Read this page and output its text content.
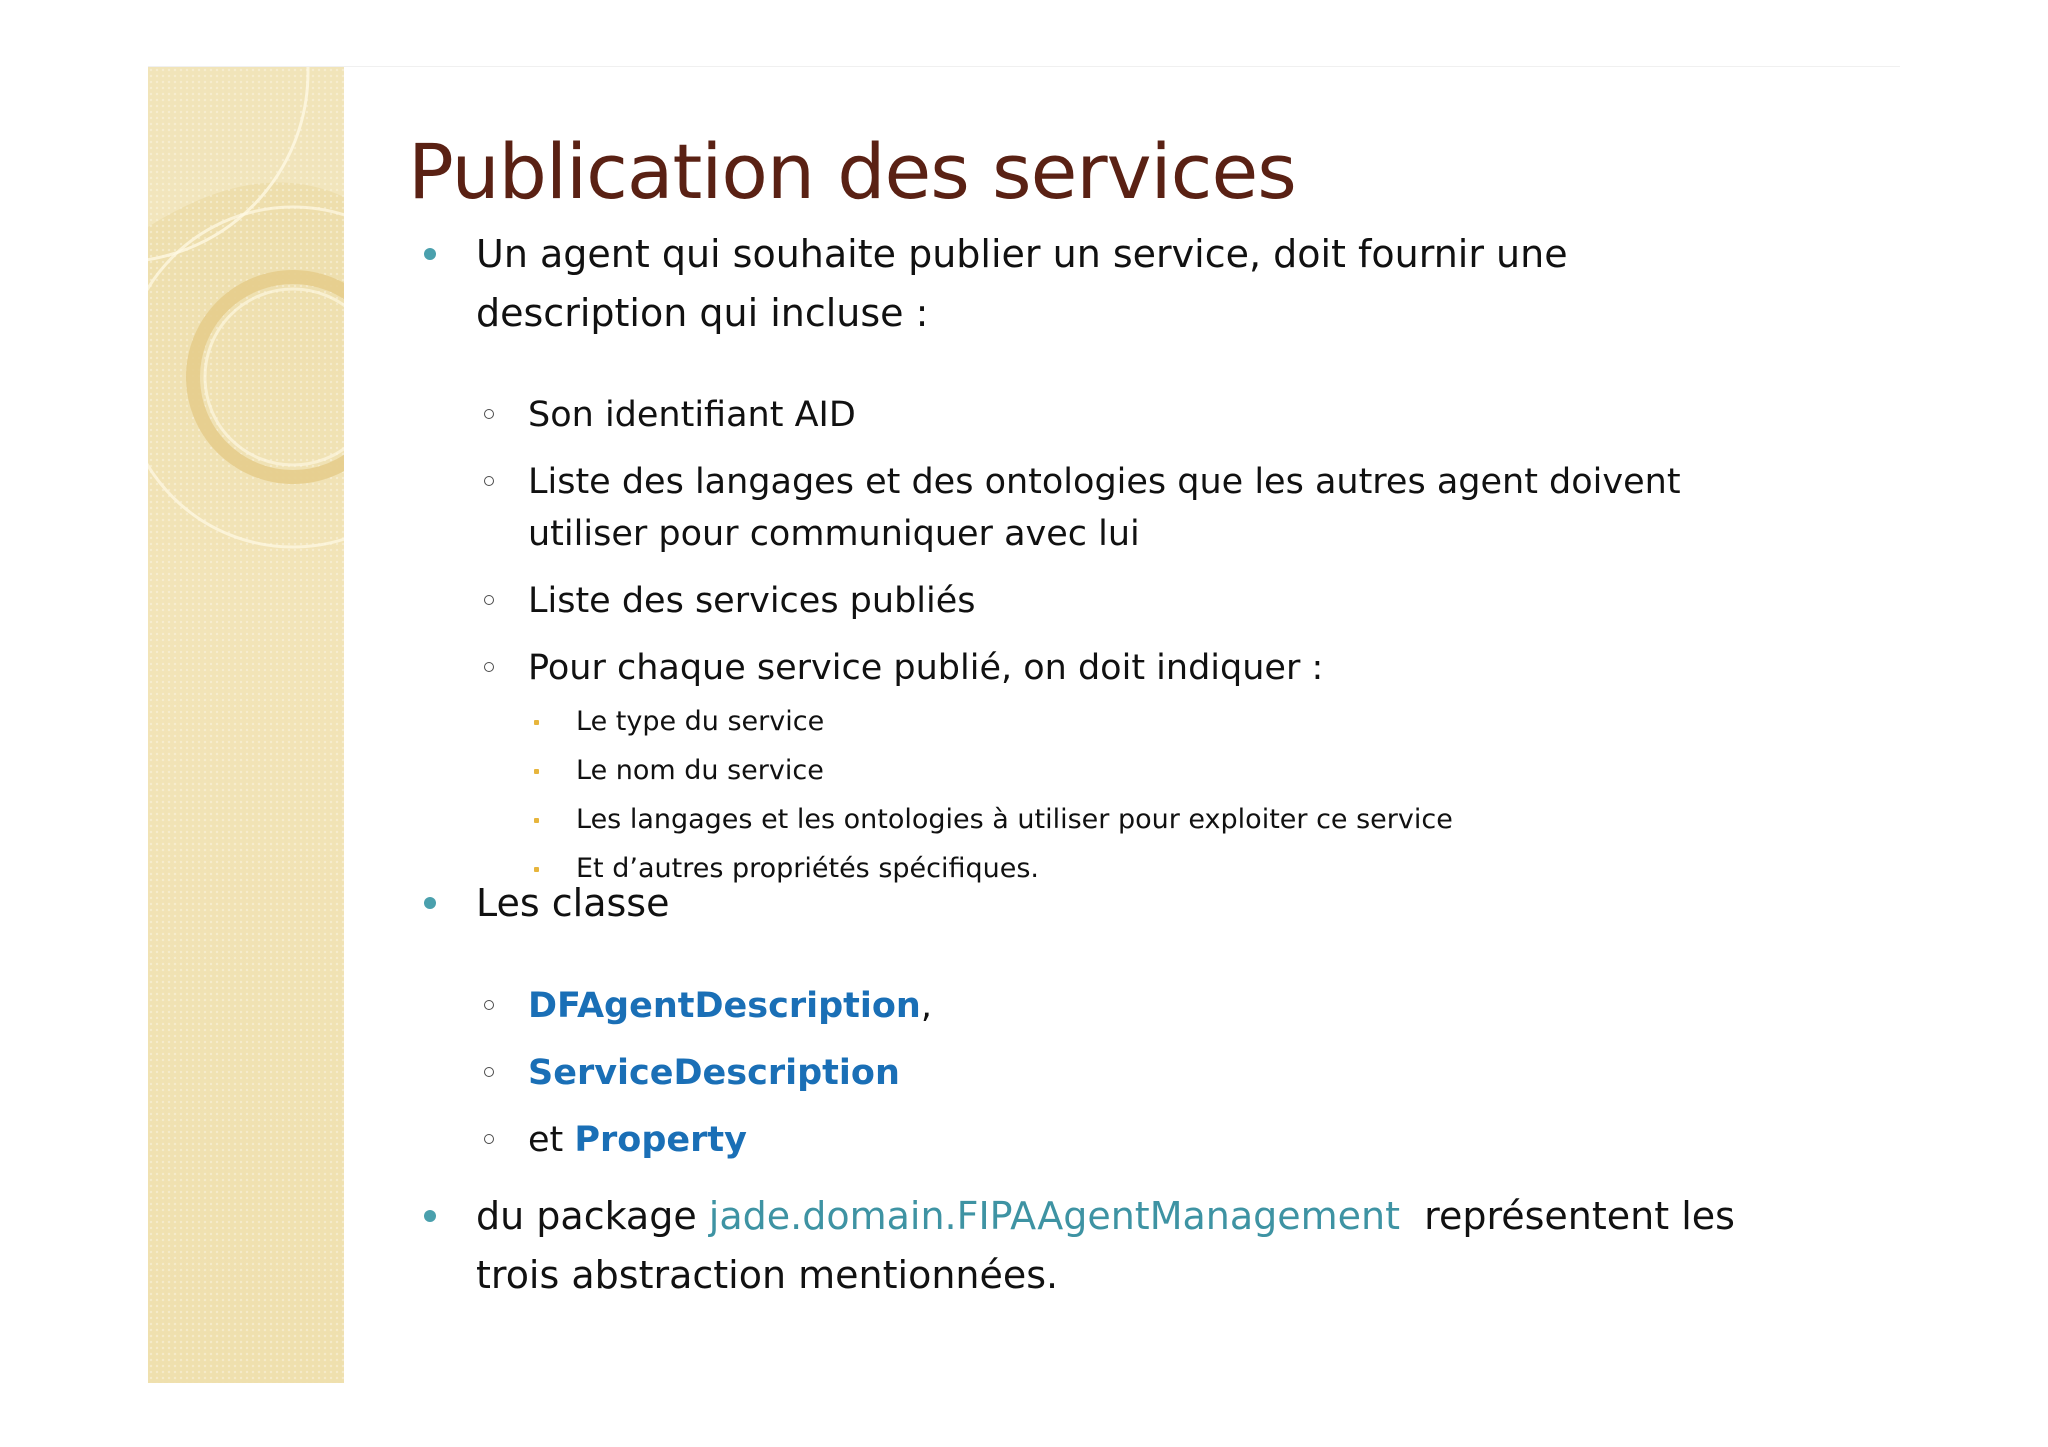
Publication des services
Un agent qui souhaite publier un service, doit fournir une
description qui incluse :
Son identifiant AID
Liste des langages et des ontologies que les autres agent doivent
utiliser pour communiquer avec lui
Liste des services publiés
Pour chaque service publié, on doit indiquer :
Le type du service
Le nom du service
Les langages et les ontologies à utiliser pour exploiter ce service
Et d’autres propriétés spécifiques.
Les classe
DFAgentDescription,
ServiceDescription
et Property
du package jade.domain.FIPAAgentManagement  représentent les
trois abstraction mentionnées.
